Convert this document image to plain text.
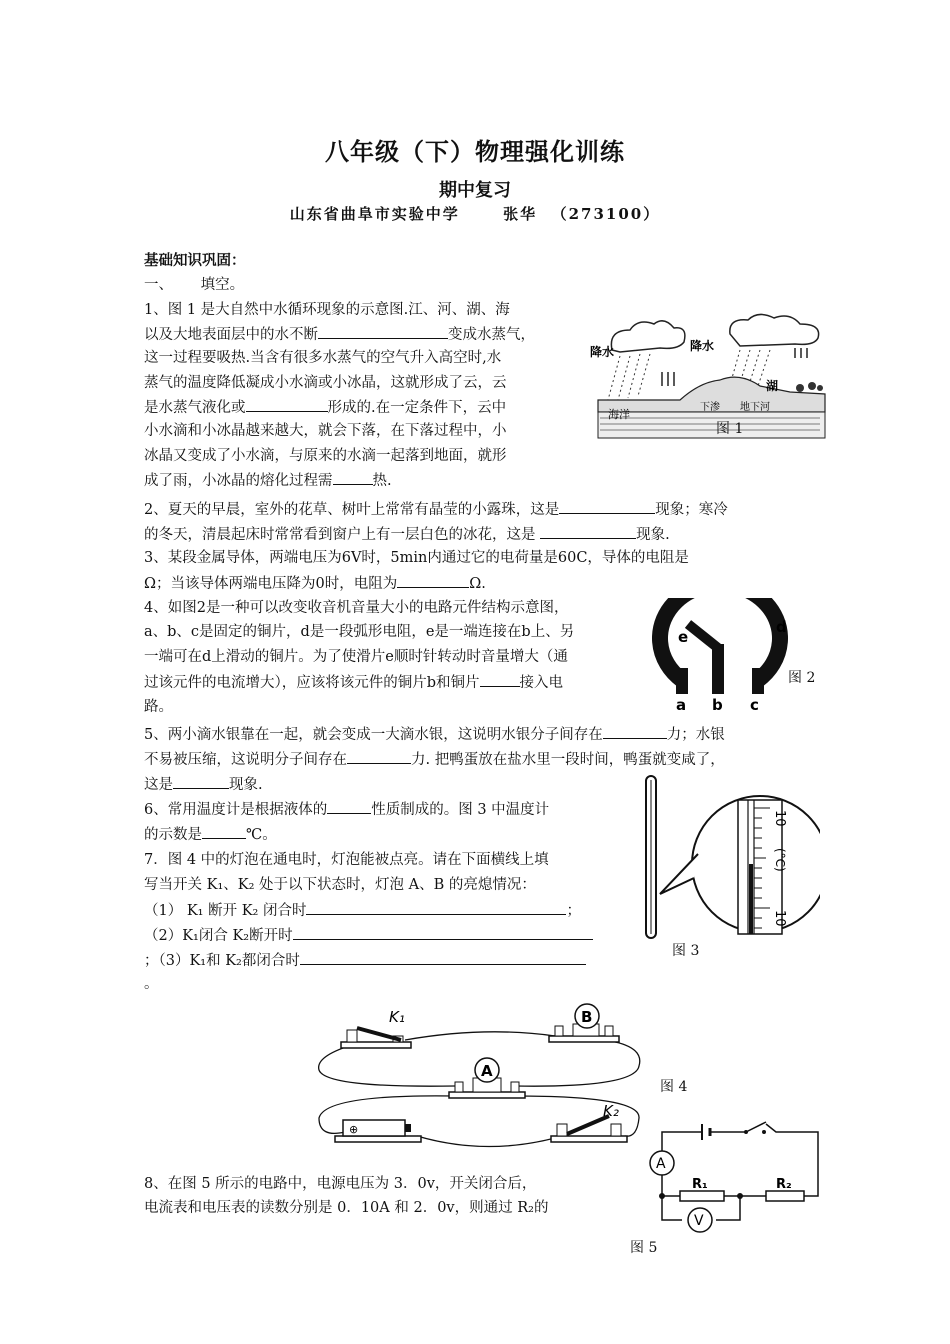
八年级（下）物理强化训练
期中复习
山东省曲阜市实验中学      张华  （273100）
基础知识巩固：
一、      填空。
1、图 1 是大自然中水循环现象的示意图.江、河、湖、海
以及大地表面层中的水不断	变成水蒸气，
这一过程要吸热.当含有很多水蒸气的空气升入高空时,水
蒸气的温度降低凝成小水滴或小冰晶，这就形成了云，云
是水蒸气液化或	形成的.在一定条件下，云中
小水滴和小冰晶越来越大，就会下落，在下落过程中，小
冰晶又变成了小水滴，与原来的水滴一起落到地面，就形
成了雨，小冰晶的熔化过程需	热.
降水	降水
湖
海洋
下渗 地下河
图 1
2、夏天的早晨，室外的花草、树叶上常常有晶莹的小露珠，这是	现象；寒冷
的冬天，清晨起床时常常看到窗户上有一层白色的冰花，这是	现象.
3、某段金属导体，两端电压为6V时，5min内通过它的电荷量是60C，导体的电阻是
Ω；当该导体两端电压降为0时，电阻为	Ω.
4、如图2是一种可以改变收音机音量大小的电路元件结构示意图，
a、b、c是固定的铜片，d是一段弧形电阻，e是一端连接在b上、另
一端可在d上滑动的铜片。为了使滑片e顺时针转动时音量增大（通
过该元件的电流增大），应该将该元件的铜片b和铜片	接入电
路。
e
d
a b c
图 2
5、两小滴水银靠在一起，就会变成一大滴水银，这说明水银分子间存在	力；水银
不易被压缩，这说明分子间存在	力. 把鸭蛋放在盐水里一段时间，鸭蛋就变咸了，
这是	现象.
6、常用温度计是根据液体的	性质制成的。图 3 中温度计
的示数是	℃。
10
(°C)
10
图 3
7．图 4 中的灯泡在通电时，灯泡能被点亮。请在下面横线上填
写当开关 K₁、K₂ 处于以下状态时，灯泡 A、B 的亮熄情况：
（1） K₁ 断开 K₂ 闭合时	；
（2）K₁闭合 K₂断开时
；（3）K₁和 K₂都闭合时
。
⊕
K₁	B
A
K₂
图 4
8、在图 5 所示的电路中，电源电压为 3．0v，开关闭合后，
电流表和电压表的读数分别是 0．10A 和 2．0v，则通过 R₂的
A
R₁	R₂
V
图 5
